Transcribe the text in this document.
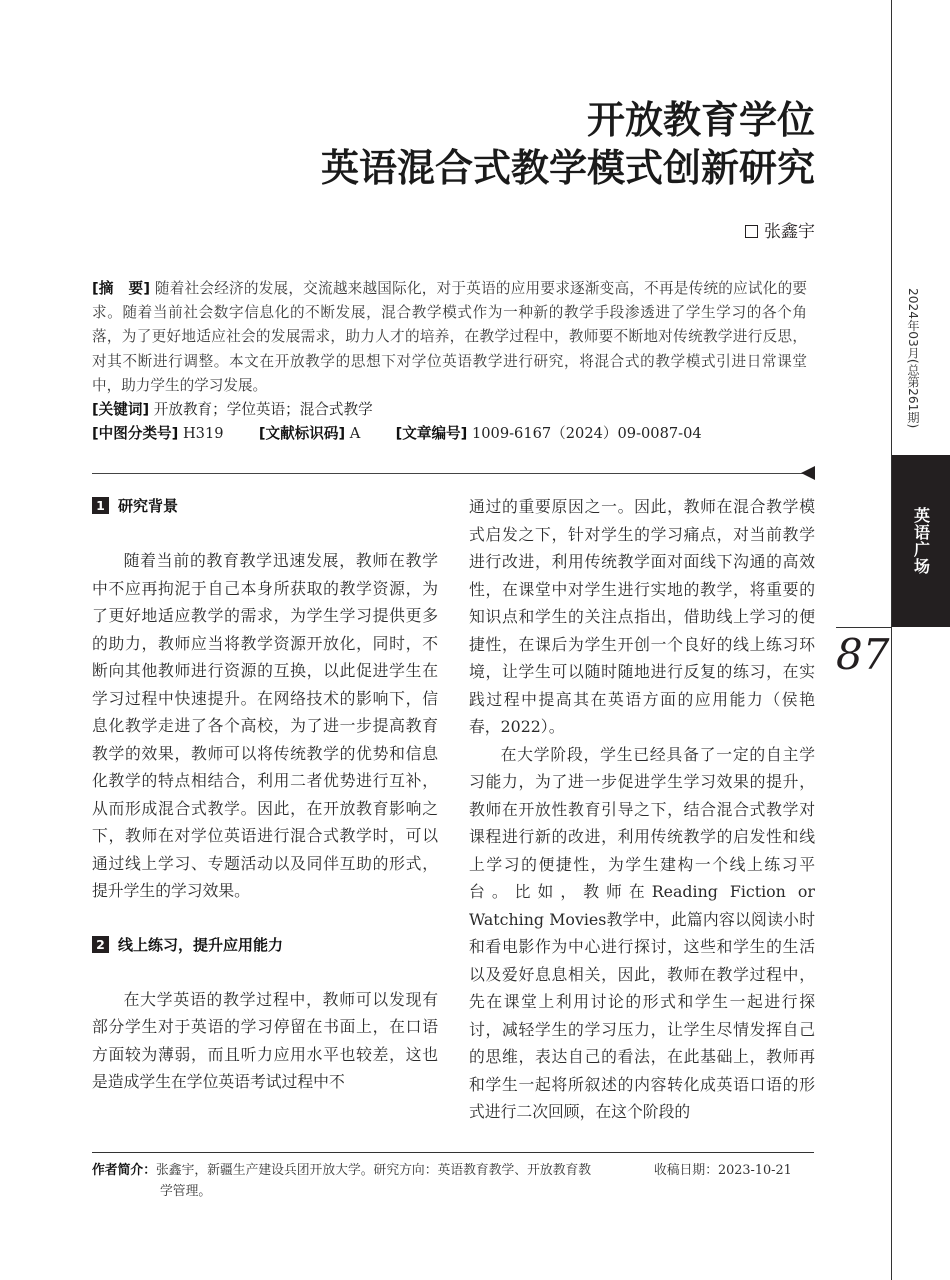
开放教育学位
英语混合式教学模式创新研究
张鑫宇
[摘　要] 随着社会经济的发展，交流越来越国际化，对于英语的应用要求逐渐变高，不再是传统的应试化的要求。随着当前社会数字信息化的不断发展，混合教学模式作为一种新的教学手段渗透进了学生学习的各个角落，为了更好地适应社会的发展需求，助力人才的培养，在教学过程中，教师要不断地对传统教学进行反思，对其不断进行调整。本文在开放教学的思想下对学位英语教学进行研究，将混合式的教学模式引进日常课堂中，助力学生的学习发展。
[关键词] 开放教育；学位英语；混合式教学
[中图分类号] H319 [文献标识码] A [文章编号] 1009-6167（2024）09-0087-04
1 研究背景

随着当前的教育教学迅速发展，教师在教学中不应再拘泥于自己本身所获取的教学资源，为了更好地适应教学的需求，为学生学习提供更多的助力，教师应当将教学资源开放化，同时，不断向其他教师进行资源的互换，以此促进学生在学习过程中快速提升。在网络技术的影响下，信息化教学走进了各个高校，为了进一步提高教育教学的效果，教师可以将传统教学的优势和信息化教学的特点相结合，利用二者优势进行互补，从而形成混合式教学。因此，在开放教育影响之下，教师在对学位英语进行混合式教学时，可以通过线上学习、专题活动以及同伴互助的形式，提升学生的学习效果。

2 线上练习，提升应用能力

在大学英语的教学过程中，教师可以发现有部分学生对于英语的学习停留在书面上，在口语方面较为薄弱，而且听力应用水平也较差，这也是造成学生在学位英语考试过程中不

通过的重要原因之一。因此，教师在混合教学模式启发之下，针对学生的学习痛点，对当前教学进行改进，利用传统教学面对面线下沟通的高效性，在课堂中对学生进行实地的教学，将重要的知识点和学生的关注点指出，借助线上学习的便捷性，在课后为学生开创一个良好的线上练习环境，让学生可以随时随地进行反复的练习，在实践过程中提高其在英语方面的应用能力（侯艳春，2022）。

在大学阶段，学生已经具备了一定的自主学习能力，为了进一步促进学生学习效果的提升，教师在开放性教育引导之下，结合混合式教学对课程进行新的改进，利用传统教学的启发性和线上学习的便捷性，为学生建构一个线上练习平台。比如，教师在Reading Fiction or Watching Movies教学中，此篇内容以阅读小时和看电影作为中心进行探讨，这些和学生的生活以及爱好息息相关，因此，教师在教学过程中，先在课堂上利用讨论的形式和学生一起进行探讨，减轻学生的学习压力，让学生尽情发挥自己的思维，表达自己的看法，在此基础上，教师再和学生一起将所叙述的内容转化成英语口语的形式进行二次回顾，在这个阶段的

2024年03月(总第261期)
英语广场
87
作者简介：张鑫宇，新疆生产建设兵团开放大学。研究方向：英语教育教学、开放教育教
学管理。
收稿日期：2023-10-21
